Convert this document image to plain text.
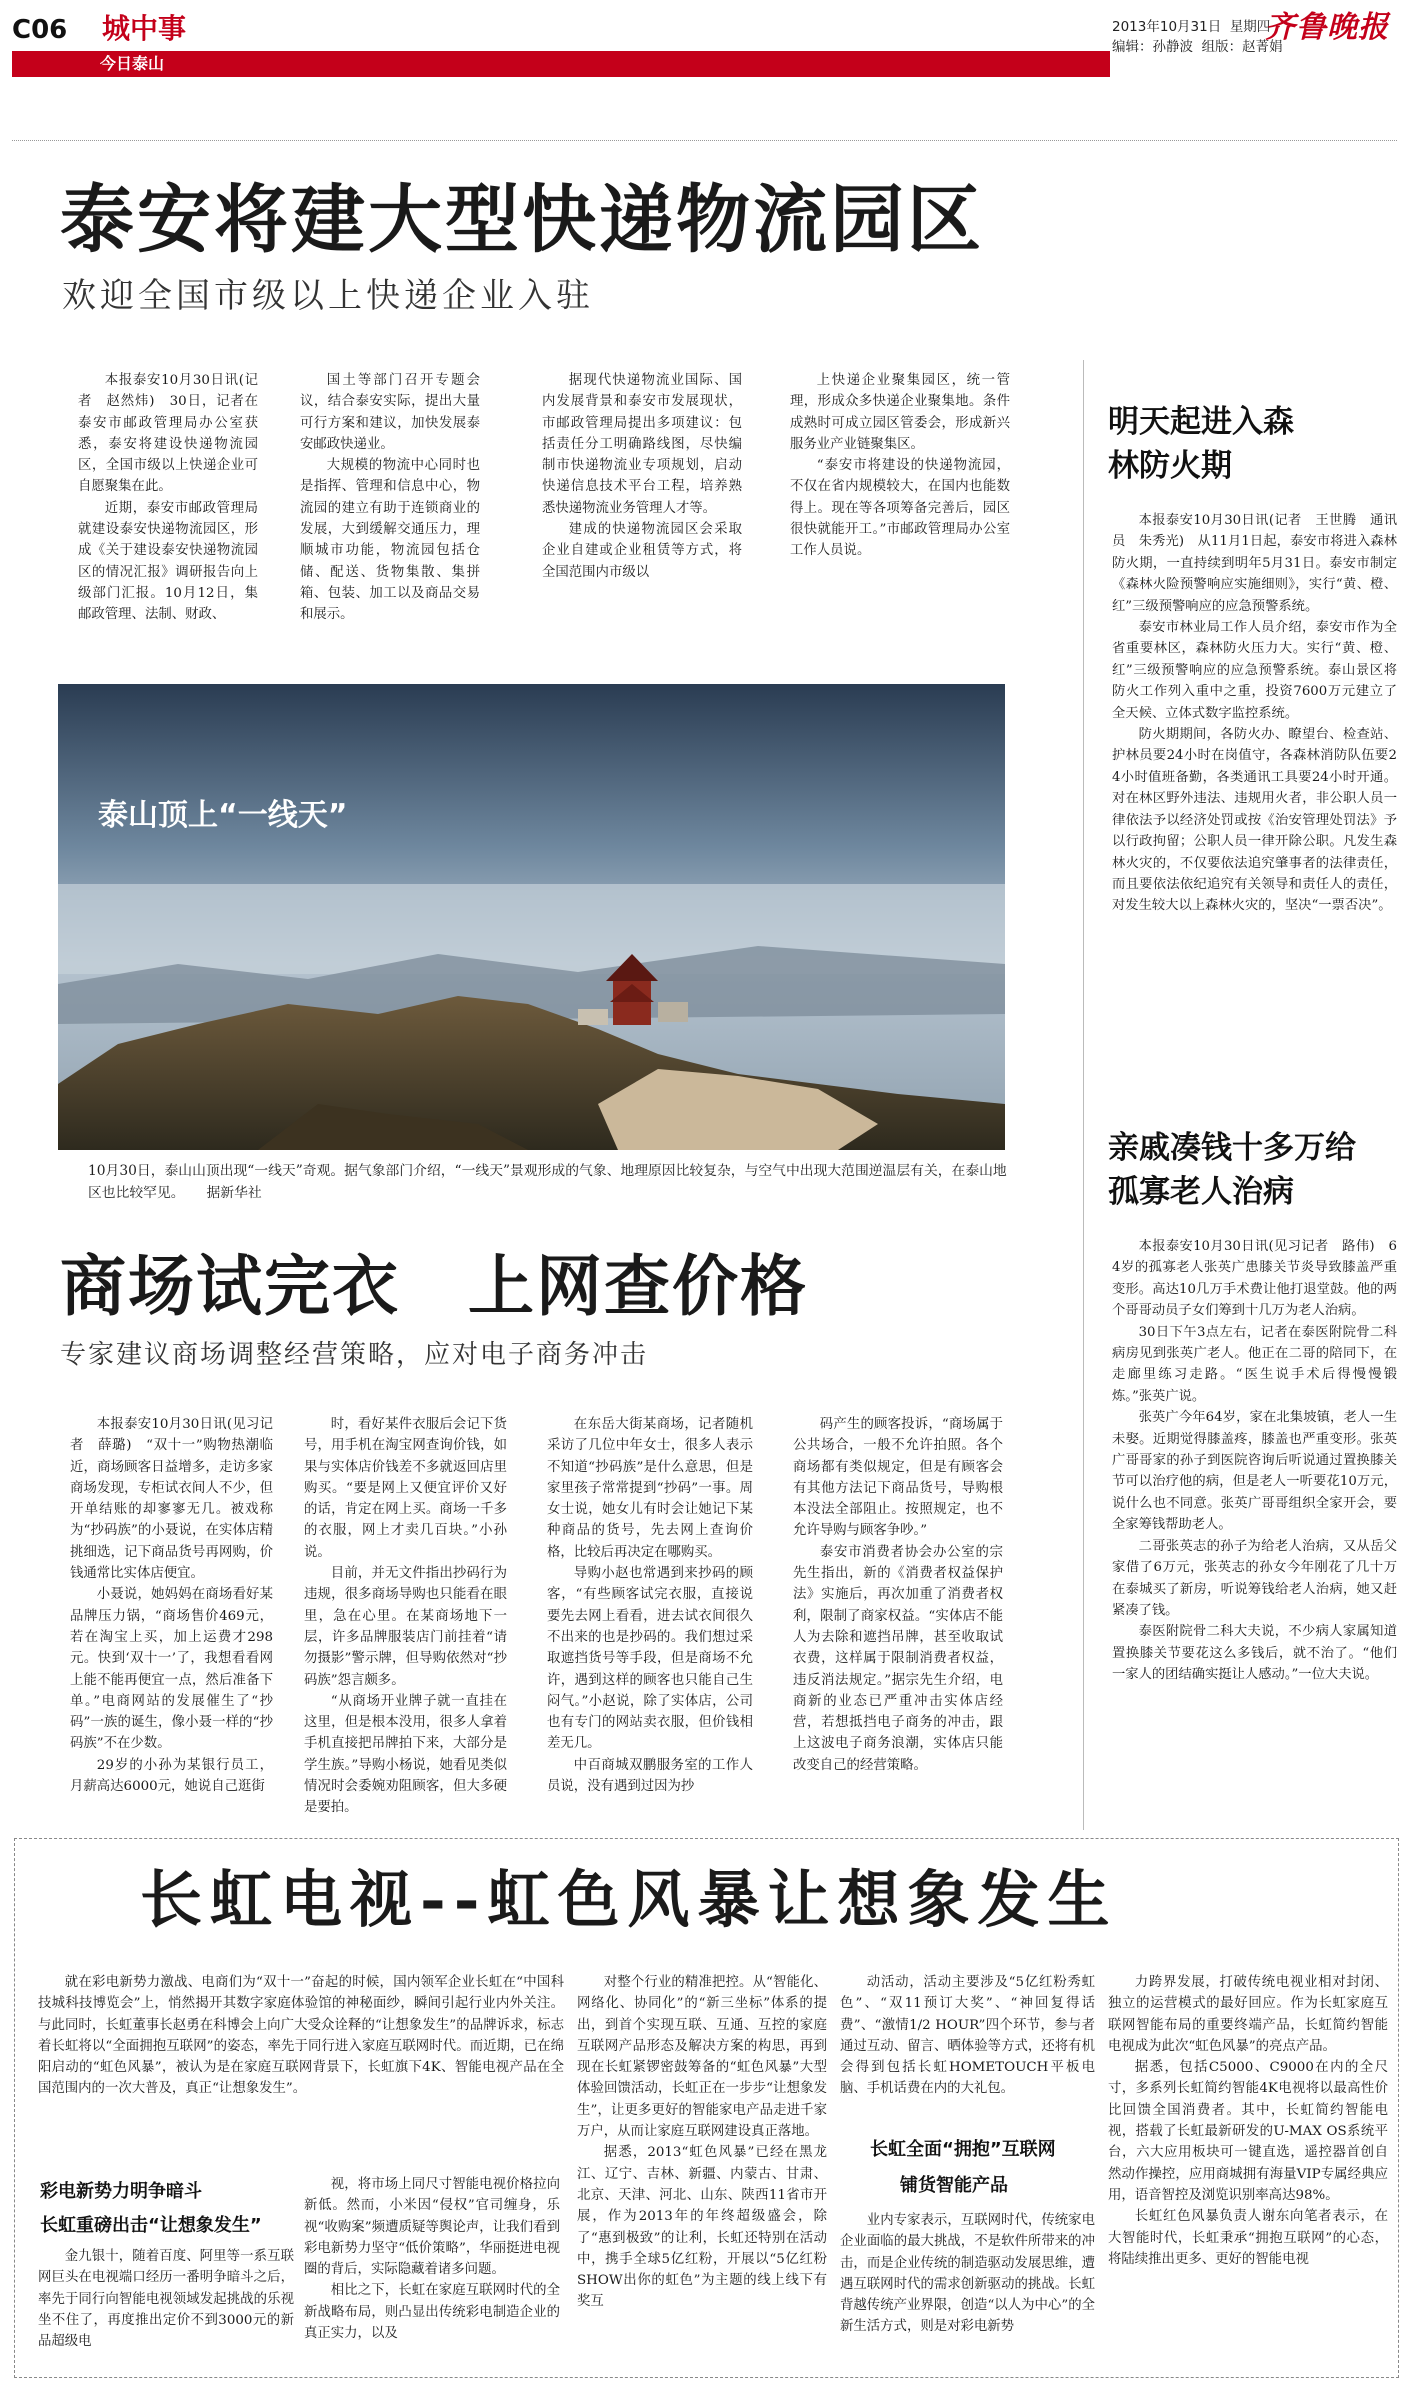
C06 城中事
今日泰山
2013年10月31日 星期四
编辑：孙静波 组版：赵菁娟
齐鲁晚报
泰安将建大型快递物流园区
欢迎全国市级以上快递企业入驻

本报泰安10月30日讯(记者　赵然炜)　30日，记者在泰安市邮政管理局办公室获悉，泰安将建设快递物流园区，全国市级以上快递企业可自愿聚集在此。

近期，泰安市邮政管理局就建设泰安快递物流园区，形成《关于建设泰安快递物流园区的情况汇报》调研报告向上级部门汇报。10月12日，集邮政管理、法制、财政、

国土等部门召开专题会议，结合泰安实际，提出大量可行方案和建议，加快发展泰安邮政快递业。

大规模的物流中心同时也是指挥、管理和信息中心，物流园的建立有助于连锁商业的发展，大到缓解交通压力，理顺城市功能，物流园包括仓储、配送、货物集散、集拼箱、包装、加工以及商品交易和展示。

据现代快递物流业国际、国内发展背景和泰安市发展现状，市邮政管理局提出多项建议：包括责任分工明确路线图，尽快编制市快递物流业专项规划，启动快递信息技术平台工程，培养熟悉快递物流业务管理人才等。

建成的快递物流园区会采取企业自建或企业租赁等方式，将全国范围内市级以

上快递企业聚集园区，统一管理，形成众多快递企业聚集地。条件成熟时可成立园区管委会，形成新兴服务业产业链聚集区。

“泰安市将建设的快递物流园，不仅在省内规模较大，在国内也能数得上。现在等各项筹备完善后，园区很快就能开工。”市邮政管理局办公室工作人员说。

泰山顶上“一线天”
10月30日，泰山山顶出现“一线天”奇观。据气象部门介绍，“一线天”景观形成的气象、地理原因比较复杂，与空气中出现大范围逆温层有关，在泰山地区也比较罕见。 据新华社
商场试完衣　上网查价格
专家建议商场调整经营策略，应对电子商务冲击

本报泰安10月30日讯(见习记者　薛璐)　“双十一”购物热潮临近，商场顾客日益增多，走访多家商场发现，专柜试衣间人不少，但开单结账的却寥寥无几。被戏称为“抄码族”的小聂说，在实体店精挑细选，记下商品货号再网购，价钱通常比实体店便宜。

小聂说，她妈妈在商场看好某品牌压力锅，“商场售价469元，若在淘宝上买，加上运费才298元。快到‘双十一’了，我想看看网上能不能再便宜一点，然后准备下单。”电商网站的发展催生了“抄码”一族的诞生，像小聂一样的“抄码族”不在少数。

29岁的小孙为某银行员工，月薪高达6000元，她说自己逛街

时，看好某件衣服后会记下货号，用手机在淘宝网查询价钱，如果与实体店价钱差不多就返回店里购买。“要是网上又便宜评价又好的话，肯定在网上买。商场一千多的衣服，网上才卖几百块。”小孙说。

目前，并无文件指出抄码行为违规，很多商场导购也只能看在眼里，急在心里。在某商场地下一层，许多品牌服装店门前挂着“请勿摄影”警示牌，但导购依然对“抄码族”怨言颇多。

“从商场开业牌子就一直挂在这里，但是根本没用，很多人拿着手机直接把吊牌拍下来，大部分是学生族。”导购小杨说，她看见类似情况时会委婉劝阻顾客，但大多硬是要拍。

在东岳大街某商场，记者随机采访了几位中年女士，很多人表示不知道“抄码族”是什么意思，但是家里孩子常常提到“抄码”一事。周女士说，她女儿有时会让她记下某种商品的货号，先去网上查询价格，比较后再决定在哪购买。

导购小赵也常遇到来抄码的顾客，“有些顾客试完衣服，直接说要先去网上看看，进去试衣间很久不出来的也是抄码的。我们想过采取遮挡货号等手段，但是商场不允许，遇到这样的顾客也只能自己生闷气。”小赵说，除了实体店，公司也有专门的网站卖衣服，但价钱相差无几。

中百商城双鹏服务室的工作人员说，没有遇到过因为抄

码产生的顾客投诉，“商场属于公共场合，一般不允许拍照。各个商场都有类似规定，但是有顾客会有其他方法记下商品货号，导购根本没法全部阻止。按照规定，也不允许导购与顾客争吵。”

泰安市消费者协会办公室的宗先生指出，新的《消费者权益保护法》实施后，再次加重了消费者权利，限制了商家权益。“实体店不能人为去除和遮挡吊牌，甚至收取试衣费，这样属于限制消费者权益，违反消法规定。”据宗先生介绍，电商新的业态已严重冲击实体店经营，若想抵挡电子商务的冲击，跟上这波电子商务浪潮，实体店只能改变自己的经营策略。

明天起进入森林防火期

本报泰安10月30日讯(记者　王世腾　通讯员　朱秀光)　从11月1日起，泰安市将进入森林防火期，一直持续到明年5月31日。泰安市制定《森林火险预警响应实施细则》，实行“黄、橙、红”三级预警响应的应急预警系统。

泰安市林业局工作人员介绍，泰安市作为全省重要林区，森林防火压力大。实行“黄、橙、红”三级预警响应的应急预警系统。泰山景区将防火工作列入重中之重，投资7600万元建立了全天候、立体式数字监控系统。

防火期期间，各防火办、瞭望台、检查站、护林员要24小时在岗值守，各森林消防队伍要24小时值班备勤，各类通讯工具要24小时开通。对在林区野外违法、违规用火者，非公职人员一律依法予以经济处罚或按《治安管理处罚法》予以行政拘留；公职人员一律开除公职。凡发生森林火灾的，不仅要依法追究肇事者的法律责任，而且要依法依纪追究有关领导和责任人的责任，对发生较大以上森林火灾的，坚决“一票否决”。

亲戚凑钱十多万给孤寡老人治病

本报泰安10月30日讯(见习记者　路伟)　64岁的孤寡老人张英广患膝关节炎导致膝盖严重变形。高达10几万手术费让他打退堂鼓。他的两个哥哥动员子女们筹到十几万为老人治病。

30日下午3点左右，记者在泰医附院骨二科病房见到张英广老人。他正在二哥的陪同下，在走廊里练习走路。“医生说手术后得慢慢锻炼。”张英广说。

张英广今年64岁，家在北集坡镇，老人一生未娶。近期觉得膝盖疼，膝盖也严重变形。张英广哥哥家的孙子到医院咨询后听说通过置换膝关节可以治疗他的病，但是老人一听要花10万元，说什么也不同意。张英广哥哥组织全家开会，要全家筹钱帮助老人。

二哥张英志的孙子为给老人治病，又从岳父家借了6万元，张英志的孙女今年刚花了几十万在泰城买了新房，听说筹钱给老人治病，她又赶紧凑了钱。

泰医附院骨二科大夫说，不少病人家属知道置换膝关节要花这么多钱后，就不治了。“他们一家人的团结确实挺让人感动。”一位大夫说。

长虹电视--虹色风暴让想象发生

就在彩电新势力激战、电商们为“双十一”奋起的时候，国内领军企业长虹在“中国科技城科技博览会”上，悄然揭开其数字家庭体验馆的神秘面纱，瞬间引起行业内外关注。与此同时，长虹董事长赵勇在科博会上向广大受众诠释的“让想象发生”的品牌诉求，标志着长虹将以“全面拥抱互联网”的姿态，率先于同行进入家庭互联网时代。而近期，已在绵阳启动的“虹色风暴”，被认为是在家庭互联网背景下，长虹旗下4K、智能电视产品在全国范围内的一次大普及，真正“让想象发生”。

彩电新势力明争暗斗
长虹重磅出击“让想象发生”

金九银十，随着百度、阿里等一系互联网巨头在电视端口经历一番明争暗斗之后，率先于同行向智能电视领域发起挑战的乐视坐不住了，再度推出定价不到3000元的新品超级电

视，将市场上同尺寸智能电视价格拉向新低。然而，小米因“侵权”官司缠身，乐视“收购案”频遭质疑等舆论声，让我们看到彩电新势力坚守“低价策略”，华丽挺进电视圈的背后，实际隐藏着诸多问题。

相比之下，长虹在家庭互联网时代的全新战略布局，则凸显出传统彩电制造企业的真正实力，以及

对整个行业的精准把控。从“智能化、网络化、协同化”的“新三坐标”体系的提出，到首个实现互联、互通、互控的家庭互联网产品形态及解决方案的构思，再到现在长虹紧锣密鼓筹备的“虹色风暴”大型体验回馈活动，长虹正在一步步“让想象发生”，让更多更好的智能家电产品走进千家万户，从而让家庭互联网建设真正落地。

据悉，2013“虹色风暴”已经在黑龙江、辽宁、吉林、新疆、内蒙古、甘肃、北京、天津、河北、山东、陕西11省市开展，作为2013年的年终超级盛会，除了“惠到极致”的让利，长虹还特别在活动中，携手全球5亿红粉，开展以“5亿红粉　SHOW出你的虹色”为主题的线上线下有奖互

动活动，活动主要涉及“5亿红粉秀虹色”、“双11预订大奖”、“神回复得话费”、“激情1/2 HOUR”四个环节，参与者通过互动、留言、晒体验等方式，还将有机会得到包括长虹HOMETOUCH平板电脑、手机话费在内的大礼包。

长虹全面“拥抱”互联网
铺货智能产品

业内专家表示，互联网时代，传统家电企业面临的最大挑战，不是软件所带来的冲击，而是企业传统的制造驱动发展思维，遭遇互联网时代的需求创新驱动的挑战。长虹背越传统产业界限，创造“以人为中心”的全新生活方式，则是对彩电新势

力跨界发展，打破传统电视业相对封闭、独立的运营模式的最好回应。作为长虹家庭互联网智能布局的重要终端产品，长虹简约智能电视成为此次“虹色风暴”的亮点产品。

据悉，包括C5000、C9000在内的全尺寸，多系列长虹简约智能4K电视将以最高性价比回馈全国消费者。其中，长虹简约智能电视，搭载了长虹最新研发的U-MAX OS系统平台，六大应用板块可一键直选，遥控器首创自然动作操控，应用商城拥有海量VIP专属经典应用，语音智控及浏览识别率高达98%。

长虹红色风暴负责人谢东向笔者表示，在大智能时代，长虹秉承“拥抱互联网”的心态，将陆续推出更多、更好的智能电视
